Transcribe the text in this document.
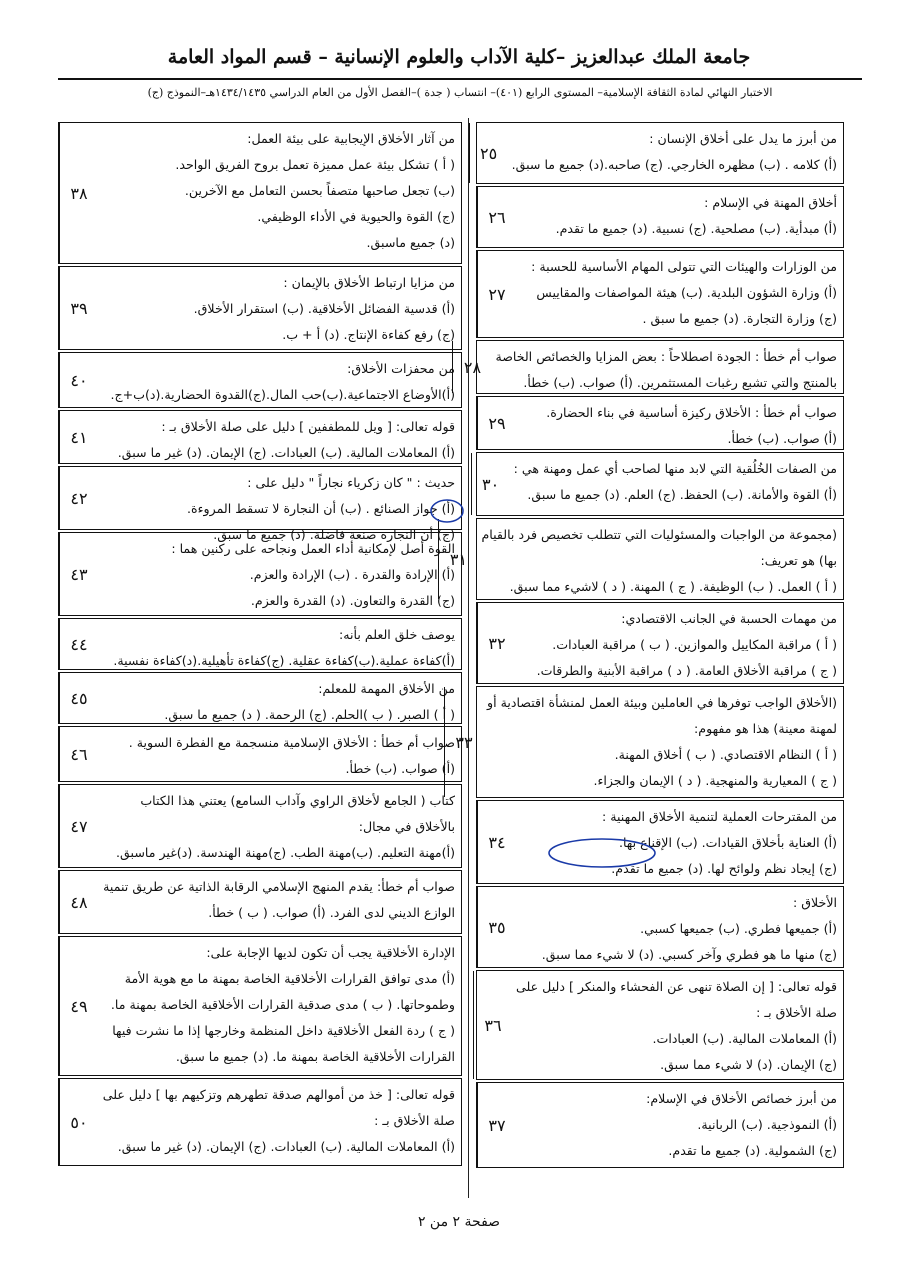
جامعة الملك عبدالعزيز –كلية الآداب والعلوم الإنسانية – قسم المواد العامة
الاختبار النهائي لمادة الثقافة الإسلامية– المستوى الرابع (٤٠١)– انتساب ( جدة )–الفصل الأول من العام الدراسي ١٤٣٤/١٤٣٥هـ–النموذج (ج)
من أبرز ما يدل على أخلاق الإنسان :
(أ) كلامه . (ب) مظهره الخارجي. (ج) صاحبه.(د) جميع ما سبق.
٢٥
أخلاق المهنة في الإسلام :
(أ) مبدأية. (ب) مصلحية. (ج) نسبية. (د) جميع ما تقدم.
٢٦
من الوزارات والهيئات التي تتولى المهام الأساسية للحسبة :
(أ) وزارة الشؤون البلدية. (ب) هيئة المواصفات والمقاييس
(ج) وزارة التجارة. (د) جميع ما سبق .
٢٧
صواب أم خطأ : الجودة اصطلاحاً : بعض المزايا والخصائص الخاصة
بالمنتج والتي تشبع رغبات المستثمرين. (أ) صواب. (ب) خطأ.
٢٨
صواب أم خطأ : الأخلاق ركيزة أساسية في بناء الحضارة.
(أ) صواب. (ب) خطأ.
٢٩
من الصفات الخُلُقية التي لابد منها لصاحب أي عمل ومهنة هي :
(أ) القوة والأمانة. (ب) الحفظ. (ج) العلم. (د) جميع ما سبق.
٣٠
(مجموعة من الواجبات والمسئوليات التي تتطلب تخصيص فرد بالقيام
بها) هو تعريف:
( أ ) العمل. ( ب) الوظيفة. ( ج ) المهنة. ( د ) لاشيء مما سبق.
٣١
من مهمات الحسبة في الجانب الاقتصادي:
( أ ) مراقبة المكاييل والموازين. ( ب ) مراقبة العبادات.
( ج ) مراقبة الأخلاق العامة. ( د ) مراقبة الأبنية والطرقات.
٣٢
(الأخلاق الواجب توفرها في العاملين وبيئة العمل لمنشأة اقتصادية أو
لمهنة معينة) هذا هو مفهوم:
( أ ) النظام الاقتصادي. ( ب ) أخلاق المهنة.
( ج ) المعيارية والمنهجية. ( د ) الإيمان والجزاء.
٣٣
من المقترحات العملية لتنمية الأخلاق المهنية :
(أ) العناية بأخلاق القيادات. (ب) الإقناع بها.
(ج) إيجاد نظم ولوائح لها. (د) جميع ما تقدم.
٣٤
الأخلاق :
(أ) جميعها فطري. (ب) جميعها كسبي.
(ج) منها ما هو فطري وآخر كسبي. (د) لا شيء مما سبق.
٣٥
قوله تعالى: [ إن الصلاة تنهى عن الفحشاء والمنكر ] دليل على
صلة الأخلاق بـ :
(أ) المعاملات المالية. (ب) العبادات.
(ج) الإيمان. (د) لا شيء مما سبق.
٣٦
من أبرز خصائص الأخلاق في الإسلام:
(أ) النموذجية. (ب) الربانية.
(ج) الشمولية. (د) جميع ما تقدم.
٣٧
من آثار الأخلاق الإيجابية على بيئة العمل:
( أ ) تشكل بيئة عمل مميزة تعمل بروح الفريق الواحد.
(ب) تجعل صاحبها متصفاً بحسن التعامل مع الآخرين.
(ج) القوة والحيوية في الأداء الوظيفي.
(د) جميع ماسبق.
٣٨
من مزايا ارتباط الأخلاق بالإيمان :
(أ) قدسية الفضائل الأخلاقية. (ب) استقرار الأخلاق.
(ج) رفع كفاءة الإنتاج. (د) أ + ب.
٣٩
من محفزات الأخلاق:
(أ)الأوضاع الاجتماعية.(ب)حب المال.(ج)القدوة الحضارية.(د)ب+ج.
٤٠
قوله تعالى: [ ويل للمطففين ] دليل على صلة الأخلاق بـ :
(أ) المعاملات المالية. (ب) العبادات. (ج) الإيمان. (د) غير ما سبق.
٤١
حديث : " كان زكرياء نجاراً " دليل على :
(أ) جواز الصنائع . (ب) أن النجارة لا تسقط المروءة.
(ج) أن النجارة صنعة فاضلة. (د) جميع ما سبق.
٤٢
القوة أصل لإمكانية أداء العمل ونجاحه على ركنين هما :
(أ) الإرادة والقدرة . (ب) الإرادة والعزم.
(ج) القدرة والتعاون. (د) القدرة والعزم.
٤٣
يوصف خلق العلم بأنه:
(أ)كفاءة عملية.(ب)كفاءة عقلية. (ج)كفاءة تأهيلية.(د)كفاءة نفسية.
٤٤
من الأخلاق المهمة للمعلم:
( أ ) الصبر. ( ب )الحلم. (ج) الرحمة. ( د) جميع ما سبق.
٤٥
صواب أم خطأ : الأخلاق الإسلامية منسجمة مع الفطرة السوية .
(أ) صواب. (ب) خطأ.
٤٦
كتاب ( الجامع لأخلاق الراوي وآداب السامع) يعتني هذا الكتاب
بالأخلاق في مجال:
(أ)مهنة التعليم. (ب)مهنة الطب. (ج)مهنة الهندسة. (د)غير ماسبق.
٤٧
صواب أم خطأ: يقدم المنهج الإسلامي الرقابة الذاتية عن طريق تنمية
الوازع الديني لدى الفرد. (أ) صواب. ( ب ) خطأ.
٤٨
الإدارة الأخلاقية يجب أن تكون لديها الإجابة على:
(أ) مدى توافق القرارات الأخلاقية الخاصة بمهنة ما مع هوية الأمة
وطموحاتها. ( ب ) مدى صدقية القرارات الأخلاقية الخاصة بمهنة ما.
( ج ) ردة الفعل الأخلاقية داخل المنظمة وخارجها إذا ما نشرت فيها
القرارات الأخلاقية الخاصة بمهنة ما. (د) جميع ما سبق.
٤٩
قوله تعالى: [ خذ من أموالهم صدقة تطهرهم وتزكيهم بها ] دليل على
صلة الأخلاق بـ :
(أ) المعاملات المالية. (ب) العبادات. (ج) الإيمان. (د) غير ما سبق.
٥٠
صفحة ٢ من ٢
